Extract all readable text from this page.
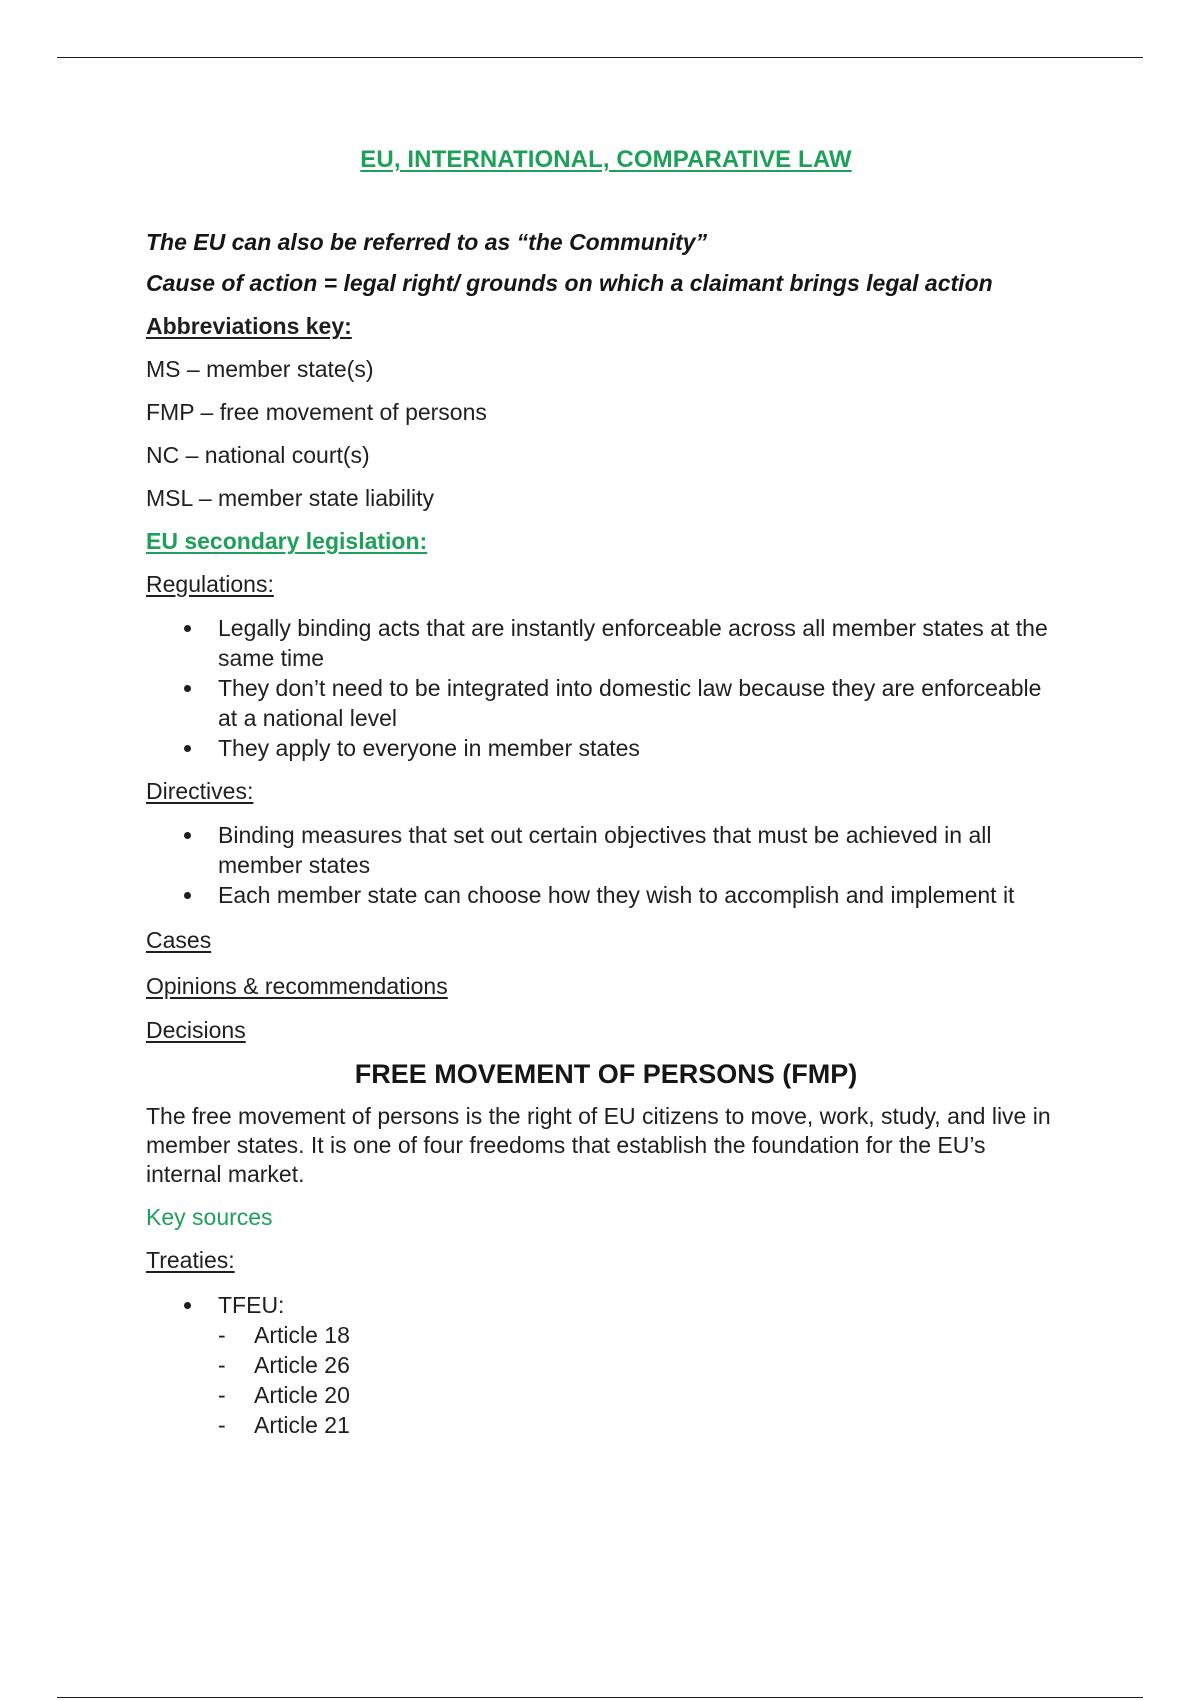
EU, INTERNATIONAL, COMPARATIVE LAW

The EU can also be referred to as “the Community”

Cause of action = legal right/ grounds on which a claimant brings legal action

Abbreviations key:

MS – member state(s)

FMP – free movement of persons

NC – national court(s)

MSL – member state liability

EU secondary legislation:

Regulations:

Legally binding acts that are instantly enforceable across all member states at the same time
They don’t need to be integrated into domestic law because they are enforceable at a national level
They apply to everyone in member states

Directives:

Binding measures that set out certain objectives that must be achieved in all member states
Each member state can choose how they wish to accomplish and implement it

Cases

Opinions & recommendations

Decisions

FREE MOVEMENT OF PERSONS (FMP)

The free movement of persons is the right of EU citizens to move, work, study, and live in member states. It is one of four freedoms that establish the foundation for the EU’s internal market.

Key sources

Treaties:

TFEU:
- Article 18
- Article 26
- Article 20
- Article 21
